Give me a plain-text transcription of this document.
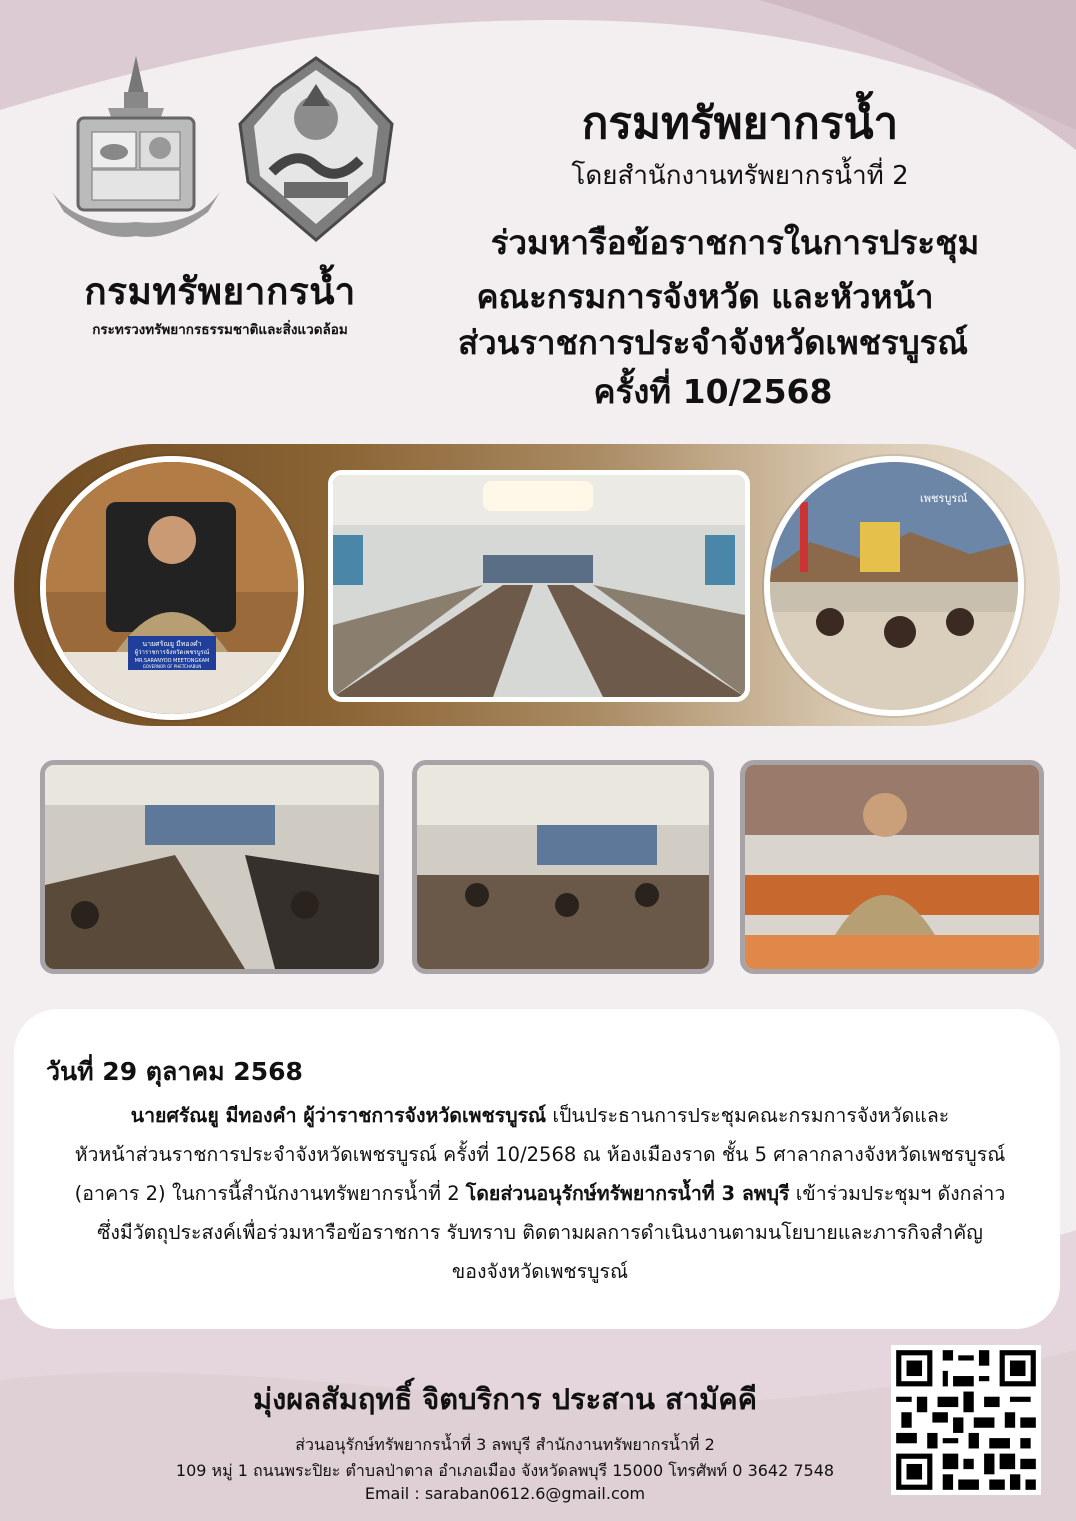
กรมทรัพยากรน้ำ
กระทรวงทรัพยากรธรรมชาติและสิ่งแวดล้อม
กรมทรัพยากรน้ำ
โดยสำนักงานทรัพยากรน้ำที่ 2
ร่วมหารือข้อราชการในการประชุม
คณะกรมการจังหวัด และหัวหน้า
ส่วนราชการประจำจังหวัดเพชรบูรณ์
ครั้งที่ 10/2568
นายศรัณยู มีทองคำ
ผู้ว่าราชการจังหวัดเพชรบูรณ์
MR.SARANYOO MEETONGKAM
GOVERNOR OF PHETCHABUN
เพชรบูรณ์
วันที่ 29 ตุลาคม 2568
นายศรัณยู มีทองคำ ผู้ว่าราชการจังหวัดเพชรบูรณ์ เป็นประธานการประชุมคณะกรมการจังหวัดและ
หัวหน้าส่วนราชการประจำจังหวัดเพชรบูรณ์ ครั้งที่ 10/2568 ณ ห้องเมืองราด ชั้น 5 ศาลากลางจังหวัดเพชรบูรณ์
(อาคาร 2) ในการนี้สำนักงานทรัพยากรน้ำที่ 2 โดยส่วนอนุรักษ์ทรัพยากรน้ำที่ 3 ลพบุรี เข้าร่วมประชุมฯ ดังกล่าว
ซึ่งมีวัตถุประสงค์เพื่อร่วมหารือข้อราชการ รับทราบ ติดตามผลการดำเนินงานตามนโยบายและภารกิจสำคัญ
ของจังหวัดเพชรบูรณ์
มุ่งผลสัมฤทธิ์ จิตบริการ ประสาน สามัคคี
ส่วนอนุรักษ์ทรัพยากรน้ำที่ 3 ลพบุรี สำนักงานทรัพยากรน้ำที่ 2
109 หมู่ 1 ถนนพระปิยะ ตำบลป่าตาล อำเภอเมือง จังหวัดลพบุรี 15000 โทรศัพท์ 0 3642 7548
Email : saraban0612.6@gmail.com
